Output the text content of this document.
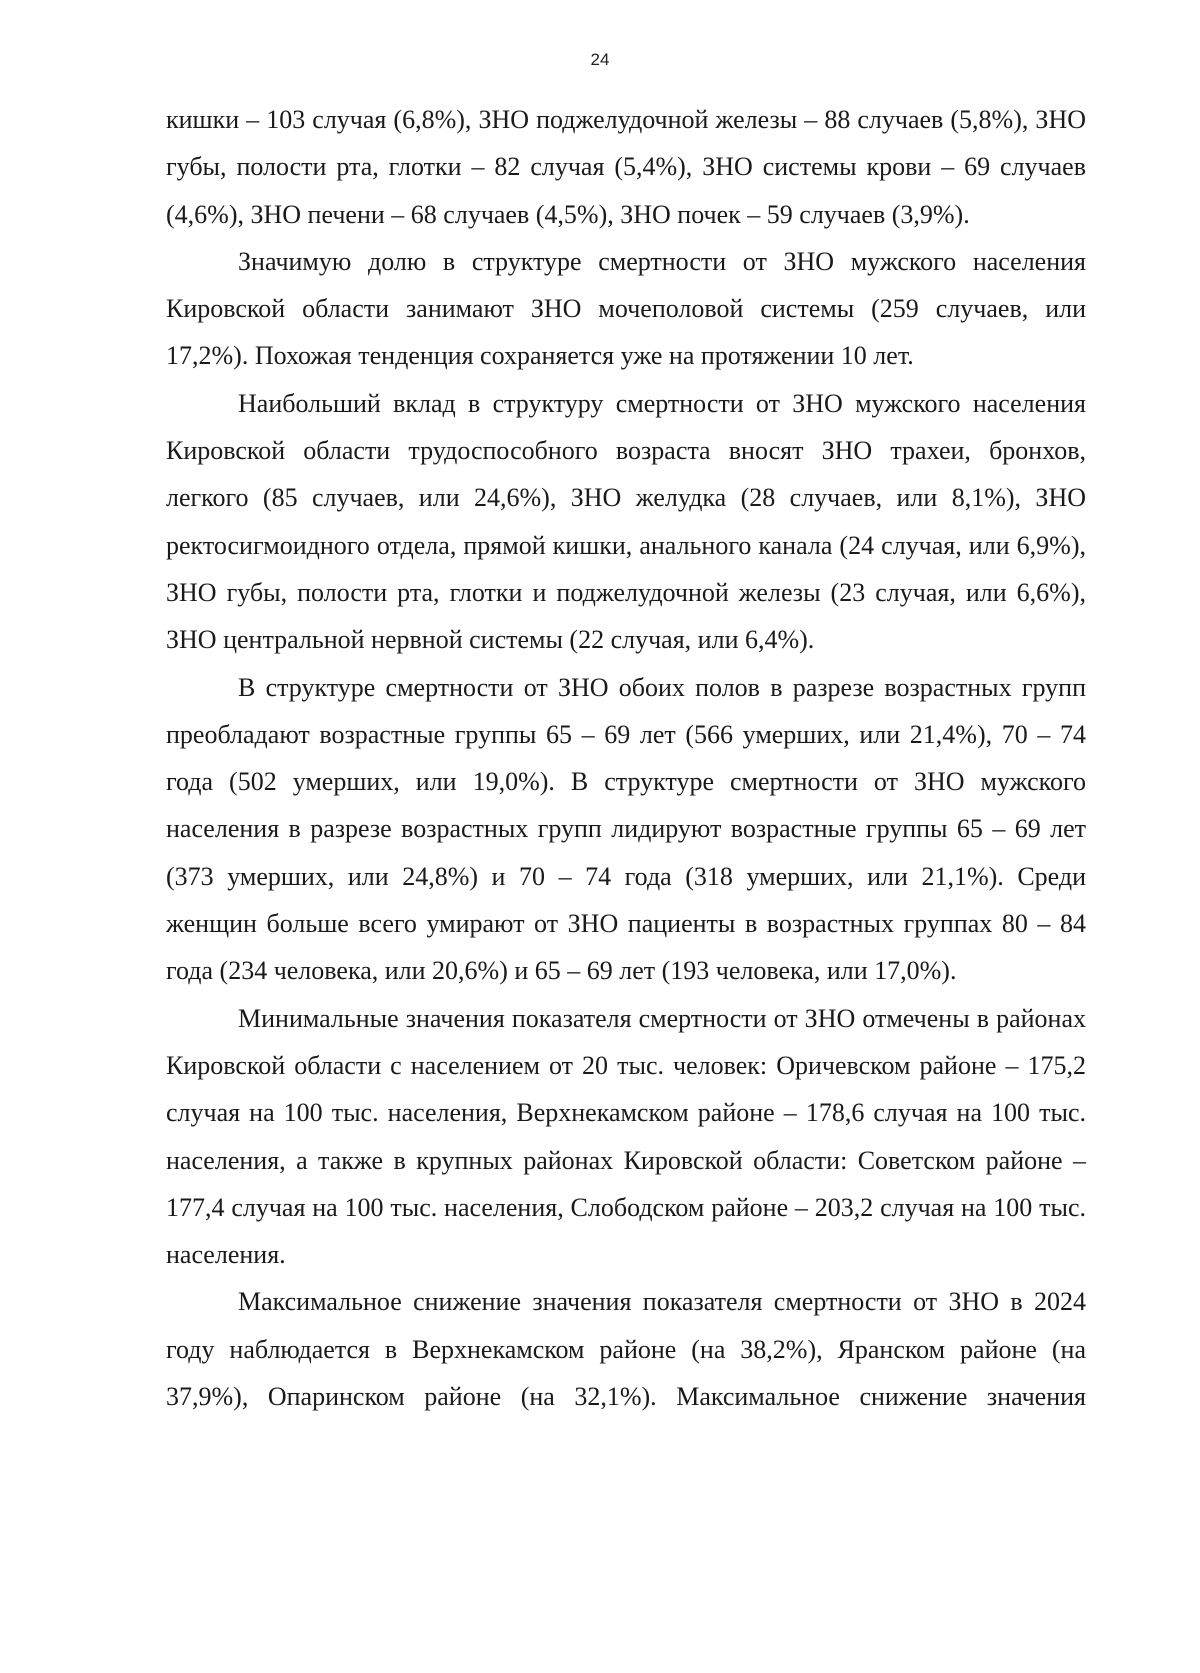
24

кишки – 103 случая (6,8%), ЗНО поджелудочной железы – 88 случаев (5,8%), ЗНО губы, полости рта, глотки – 82 случая (5,4%), ЗНО системы крови – 69 случаев (4,6%), ЗНО печени – 68 случаев (4,5%), ЗНО почек – 59 случаев (3,9%).

Значимую долю в структуре смертности от ЗНО мужского населения Кировской области занимают ЗНО мочеполовой системы (259 случаев, или 17,2%). Похожая тенденция сохраняется уже на протяжении 10 лет.

Наибольший вклад в структуру смертности от ЗНО мужского населения Кировской области трудоспособного возраста вносят ЗНО трахеи, бронхов, легкого (85 случаев, или 24,6%), ЗНО желудка (28 случаев, или 8,1%), ЗНО ректосигмоидного отдела, прямой кишки, анального канала (24 случая, или 6,9%), ЗНО губы, полости рта, глотки и поджелудочной железы (23 случая, или 6,6%), ЗНО центральной нервной системы (22 случая, или 6,4%).

В структуре смертности от ЗНО обоих полов в разрезе возрастных групп преобладают возрастные группы 65 – 69 лет (566 умерших, или 21,4%), 70 – 74 года (502 умерших, или 19,0%). В структуре смертности от ЗНО мужского населения в разрезе возрастных групп лидируют возрастные группы 65 – 69 лет (373 умерших, или 24,8%) и 70 – 74 года (318 умерших, или 21,1%). Среди женщин больше всего умирают от ЗНО пациенты в возрастных группах 80 – 84 года (234 человека, или 20,6%) и 65 – 69 лет (193 человека, или 17,0%).

Минимальные значения показателя смертности от ЗНО отмечены в районах Кировской области с населением от 20 тыс. человек: Оричевском районе – 175,2 случая на 100 тыс. населения, Верхнекамском районе – 178,6 случая на 100 тыс. населения, а также в крупных районах Кировской области: Советском районе – 177,4 случая на 100 тыс. населения, Слободском районе – 203,2 случая на 100 тыс. населения.

Максимальное снижение значения показателя смертности от ЗНО в 2024 году наблюдается в Верхнекамском районе (на 38,2%), Яранском районе (на 37,9%), Опаринском районе (на 32,1%). Максимальное снижение значения
